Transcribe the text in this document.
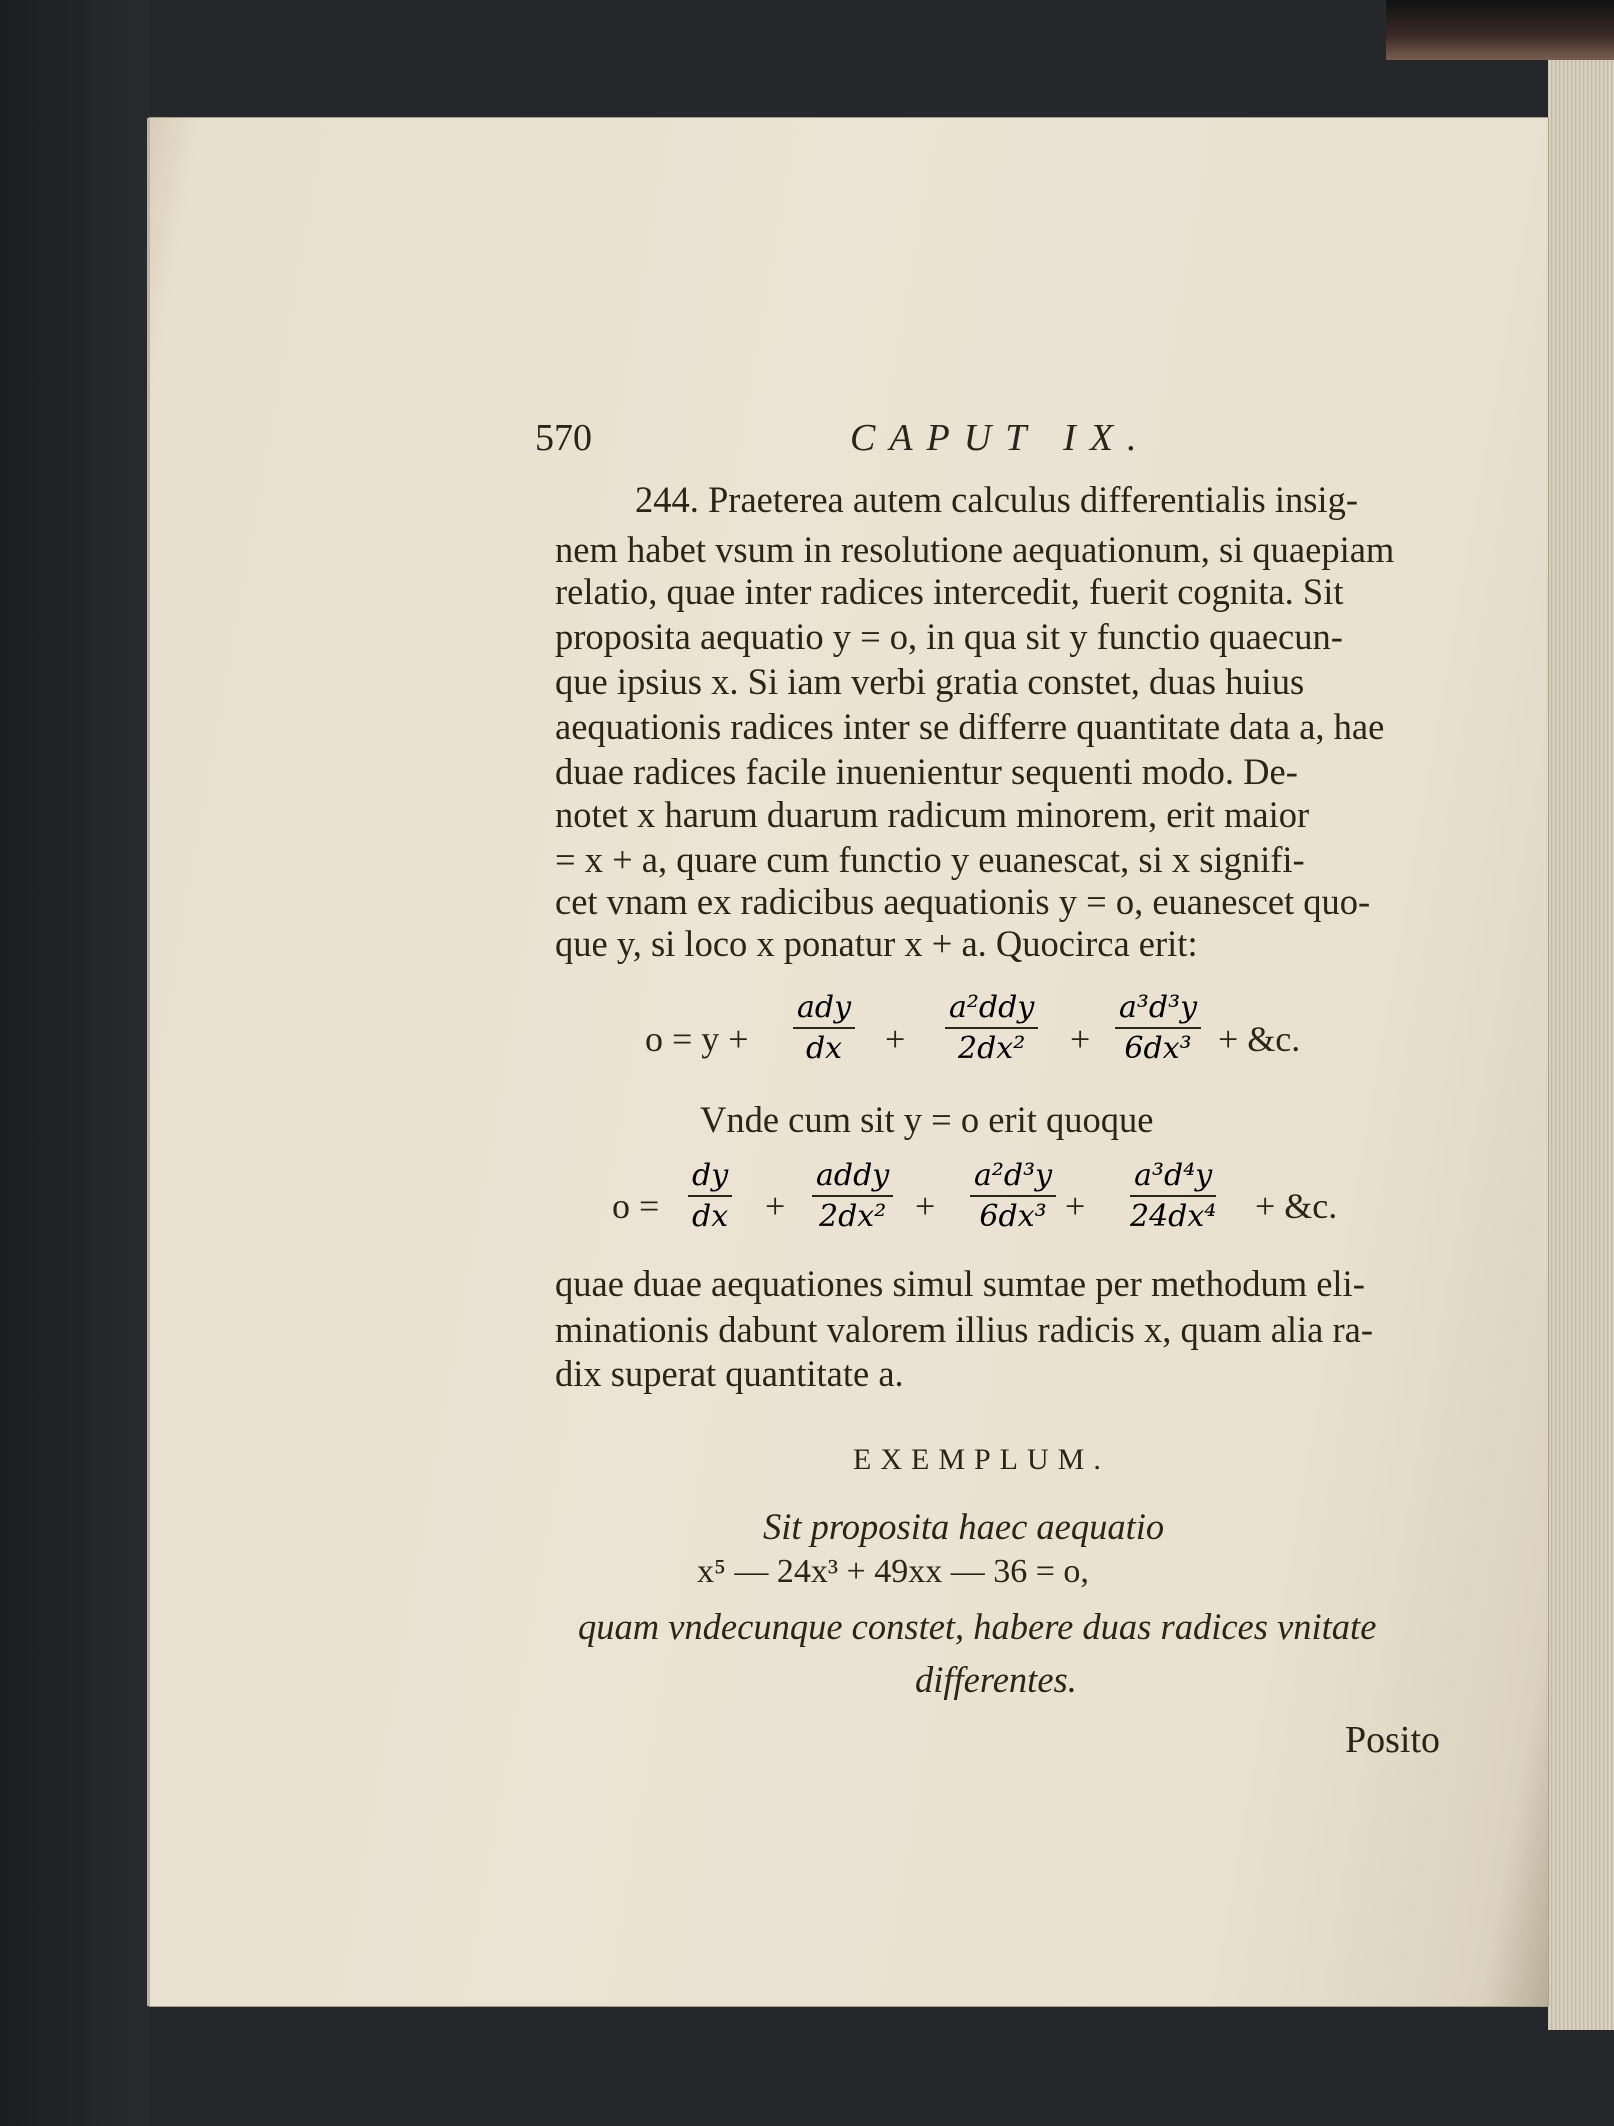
570	CAPUT IX.
244. Praeterea autem calculus differentialis insig-
nem habet vsum in resolutione aequationum, si quaepiam
relatio, quae inter radices intercedit, fuerit cognita. Sit
proposita aequatio y = o, in qua sit y functio quaecun-
que ipsius x. Si iam verbi gratia constet, duas huius
aequationis radices inter se differre quantitate data a, hae
duae radices facile inuenientur sequenti modo. De-
notet x harum duarum radicum minorem, erit maior
= x + a, quare cum functio y euanescat, si x signifi-
cet vnam ex radicibus aequationis y = o, euanescet quo-
que y, si loco x ponatur x + a. Quocirca erit:
o = y +
ady
dx	+
a²ddy
2dx²	+ $\frac{\text{a³d³y}}{\text{6dx³}}$ + &c.
Vnde cum sit y = o erit quoque
$o = \frac{dy}{dx}$ +
addy
$2dx^2 + \frac{\text{a²d³y}}{\text{6dx³}} + \frac{\text{a³d⁴y}}{\text{24dx⁴}}$ + &c.
quae duae aequationes simul sumtae per methodum eli-
minationis dabunt valorem illius radicis x, quam alia ra-
dix superat quantitate a.
EXEMPLUM.
Sit proposita haec aequatio
x⁵ — 24x³ + 49xx — 36 = o,
quam vndecunque constet, habere duas radices vnitate
differentes.
Posito
